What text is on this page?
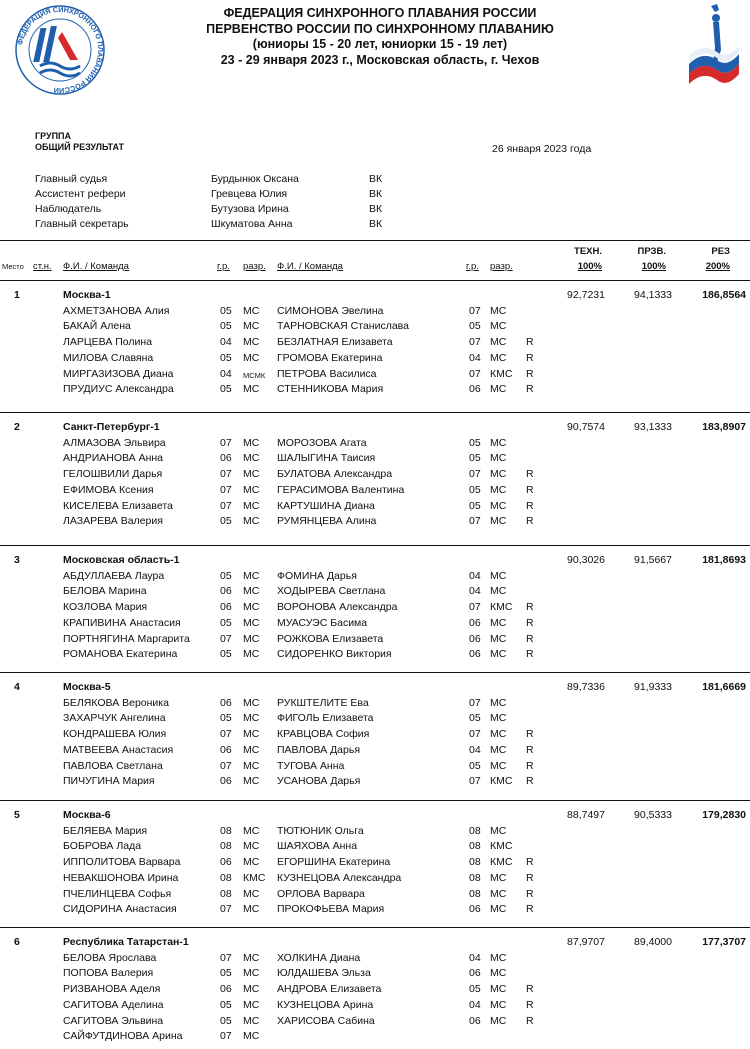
ФЕДЕРАЦИЯ СИНХРОННОГО ПЛАВАНИЯ РОССИИ
ФЕДЕРАЦИЯ СИНХРОННОГО ПЛАВАНИЯ РОССИИ
ПЕРВЕНСТВО РОССИИ ПО СИНХРОННОМУ ПЛАВАНИЮ
(юниоры 15 - 20 лет, юниорки 15 - 19 лет)
23 - 29 января 2023 г., Московская область, г. Чехов
ГРУППА
ОБЩИЙ РЕЗУЛЬТАТ	26 января 2023 года
Главный судья	Бурдынюк Оксана	ВК
Ассистент рефери	Гревцева Юлия	ВК
Наблюдатель	Бутузова Ирина	ВК
Главный секретарь	Шкуматова Анна	ВК
Место ст.н. Ф.И. / Команда	г.р. разр. Ф.И. / Команда	г.р. разр.
ТЕХН.
100%
ПРЗВ.
100%
РЕЗ
200%
1	Москва-1	92,7231	94,1333	186,8564
АХМЕТЗАНОВА Алия	05 МС СИМОНОВА Эвелина	07 МС
БАКАЙ Алена	05 МС ТАРНОВСКАЯ Станислава	05 МС
ЛАРЦЕВА Полина	04 МС БЕЗЛАТНАЯ Елизавета	07 МС R
МИЛОВА Славяна	05 МС ГРОМОВА Екатерина	04 МС R
МИРГАЗИЗОВА Диана	04 МСМК ПЕТРОВА Василиса	07 КМС R
ПРУДИУС Александра	05 МС СТЕННИКОВА Мария	06 МС R
2	Санкт-Петербург-1	90,7574	93,1333	183,8907
АЛМАЗОВА Эльвира	07 МС МОРОЗОВА Агата	05 МС
АНДРИАНОВА Анна	06 МС ШАЛЫГИНА Таисия	05 МС
ГЕЛОШВИЛИ Дарья	07 МС БУЛАТОВА Александра	07 МС R
ЕФИМОВА Ксения	07 МС ГЕРАСИМОВА Валентина	05 МС R
КИСЕЛЕВА Елизавета	07 МС КАРТУШИНА Диана	05 МС R
ЛАЗАРЕВА Валерия	05 МС РУМЯНЦЕВА Алина	07 МС R
3	Московская область-1	90,3026	91,5667	181,8693
АБДУЛЛАЕВА Лаура	05 МС ФОМИНА Дарья	04 МС
БЕЛОВА Марина	06 МС ХОДЫРЕВА Светлана	04 МС
КОЗЛОВА Мария	06 МС ВОРОНОВА Александра	07 КМС R
КРАПИВИНА Анастасия	05 МС МУАСУЭС Басима	06 МС R
ПОРТНЯГИНА Маргарита	07 МС РОЖКОВА Елизавета	06 МС R
РОМАНОВА Екатерина	05 МС СИДОРЕНКО Виктория	06 МС R
4	Москва-5	89,7336	91,9333	181,6669
БЕЛЯКОВА Вероника	06 МС РУКШТЕЛИТЕ Ева	07 МС
ЗАХАРЧУК Ангелина	05 МС ФИГОЛЬ Елизавета	05 МС
КОНДРАШЕВА Юлия	07 МС КРАВЦОВА София	07 МС R
МАТВЕЕВА Анастасия	06 МС ПАВЛОВА Дарья	04 МС R
ПАВЛОВА Светлана	07 МС ТУГОВА Анна	05 МС R
ПИЧУГИНА Мария	06 МС УСАНОВА Дарья	07 КМС R
5	Москва-6	88,7497	90,5333	179,2830
БЕЛЯЕВА Мария	08 МС ТЮТЮНИК Ольга	08 МС
БОБРОВА Лада	08 МС ШАЯХОВА Анна	08 КМС
ИППОЛИТОВА Варвара	06 МС ЕГОРШИНА Екатерина	08 КМС R
НЕВАКШОНОВА Ирина	08 КМС КУЗНЕЦОВА Александра	08 МС R
ПЧЕЛИНЦЕВА Софья	08 МС ОРЛОВА Варвара	08 МС R
СИДОРИНА Анастасия	07 МС ПРОКОФЬЕВА Мария	06 МС R
6	Республика Татарстан-1	87,9707	89,4000	177,3707
БЕЛОВА Ярослава	07 МС ХОЛКИНА Диана	04 МС
ПОПОВА Валерия	05 МС ЮЛДАШЕВА Эльза	06 МС
РИЗВАНОВА Аделя	06 МС АНДРОВА Елизавета	05 МС R
САГИТОВА Аделина	05 МС КУЗНЕЦОВА Арина	04 МС R
САГИТОВА Эльвина	05 МС ХАРИСОВА Сабина	06 МС R
САЙФУТДИНОВА Арина	07 МС
